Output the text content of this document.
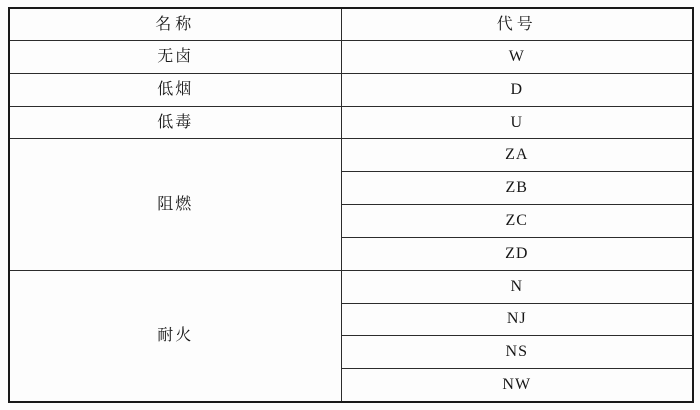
名称	代号
无卤	W
低烟	D
低毒	U
阻燃	ZA
	ZB
	ZC
	ZD
耐火	N
	NJ
	NS
	NW
